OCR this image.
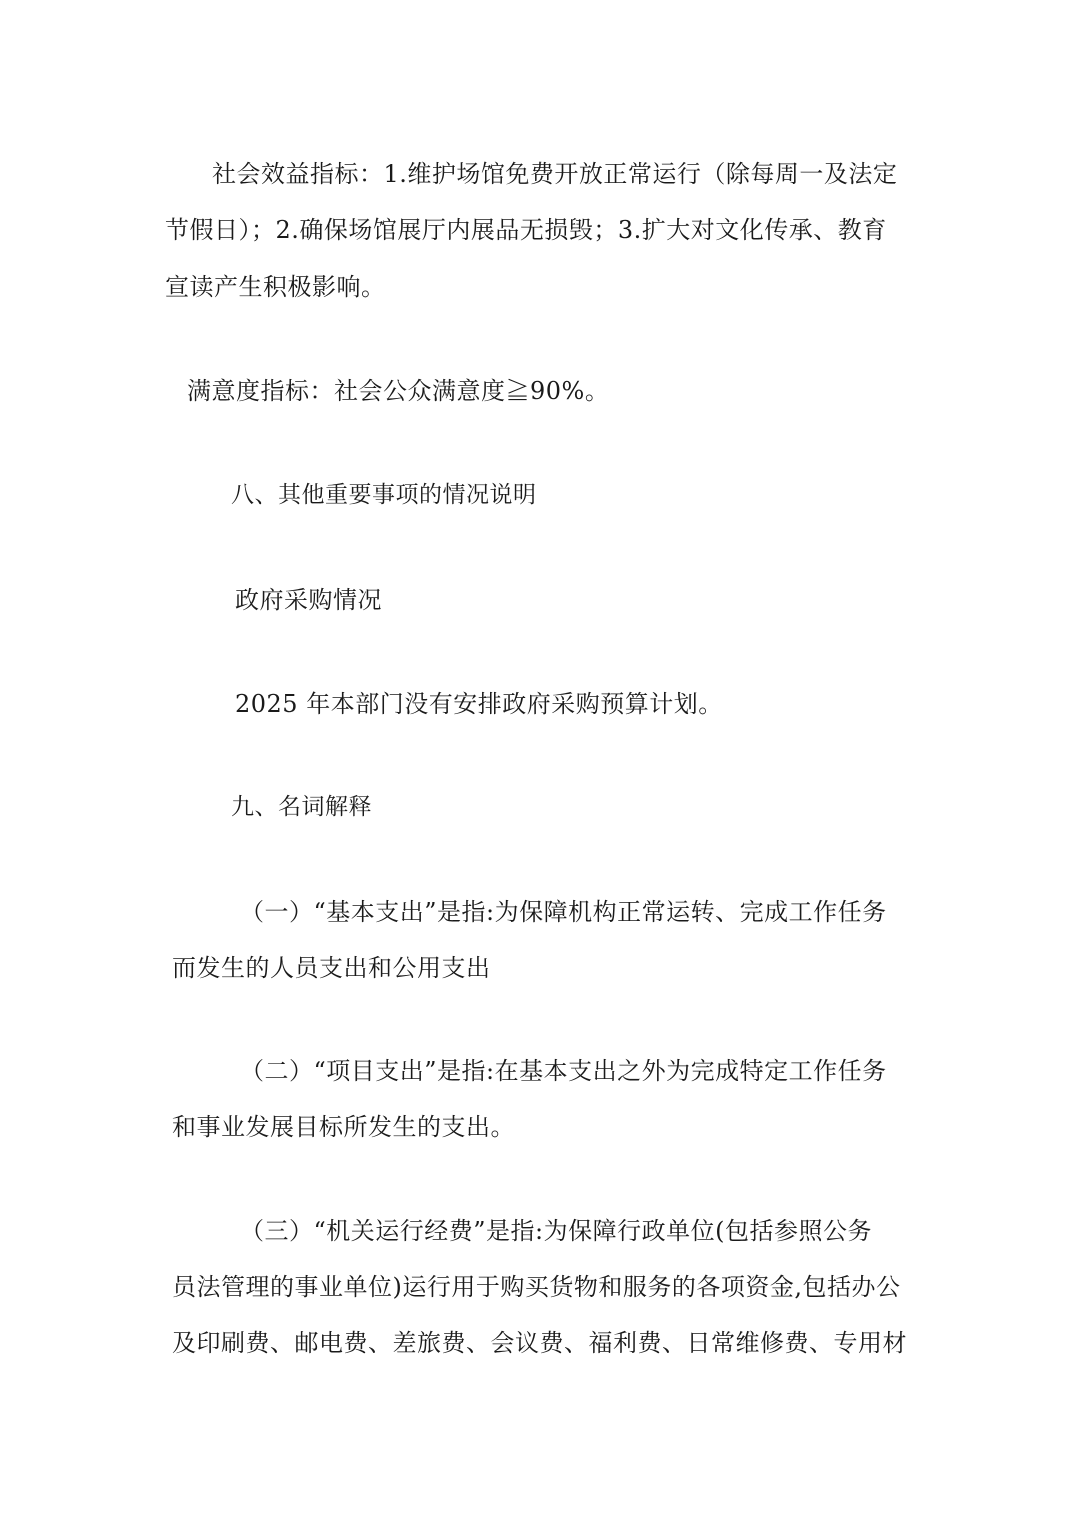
社会效益指标：1.维护场馆免费开放正常运行（除每周一及法定
节假日）；2.确保场馆展厅内展品无损毁；3.扩大对文化传承、教育
宣读产生积极影响。
满意度指标：社会公众满意度≧90%。
八、其他重要事项的情况说明
政府采购情况
2025 年本部门没有安排政府采购预算计划。
九、名词解释
（一）“基本支出”是指:为保障机构正常运转、完成工作任务
而发生的人员支出和公用支出
（二）“项目支出”是指:在基本支出之外为完成特定工作任务
和事业发展目标所发生的支出。
（三）“机关运行经费”是指:为保障行政单位(包括参照公务
员法管理的事业单位)运行用于购买货物和服务的各项资金,包括办公
及印刷费、邮电费、差旅费、会议费、福利费、日常维修费、专用材
